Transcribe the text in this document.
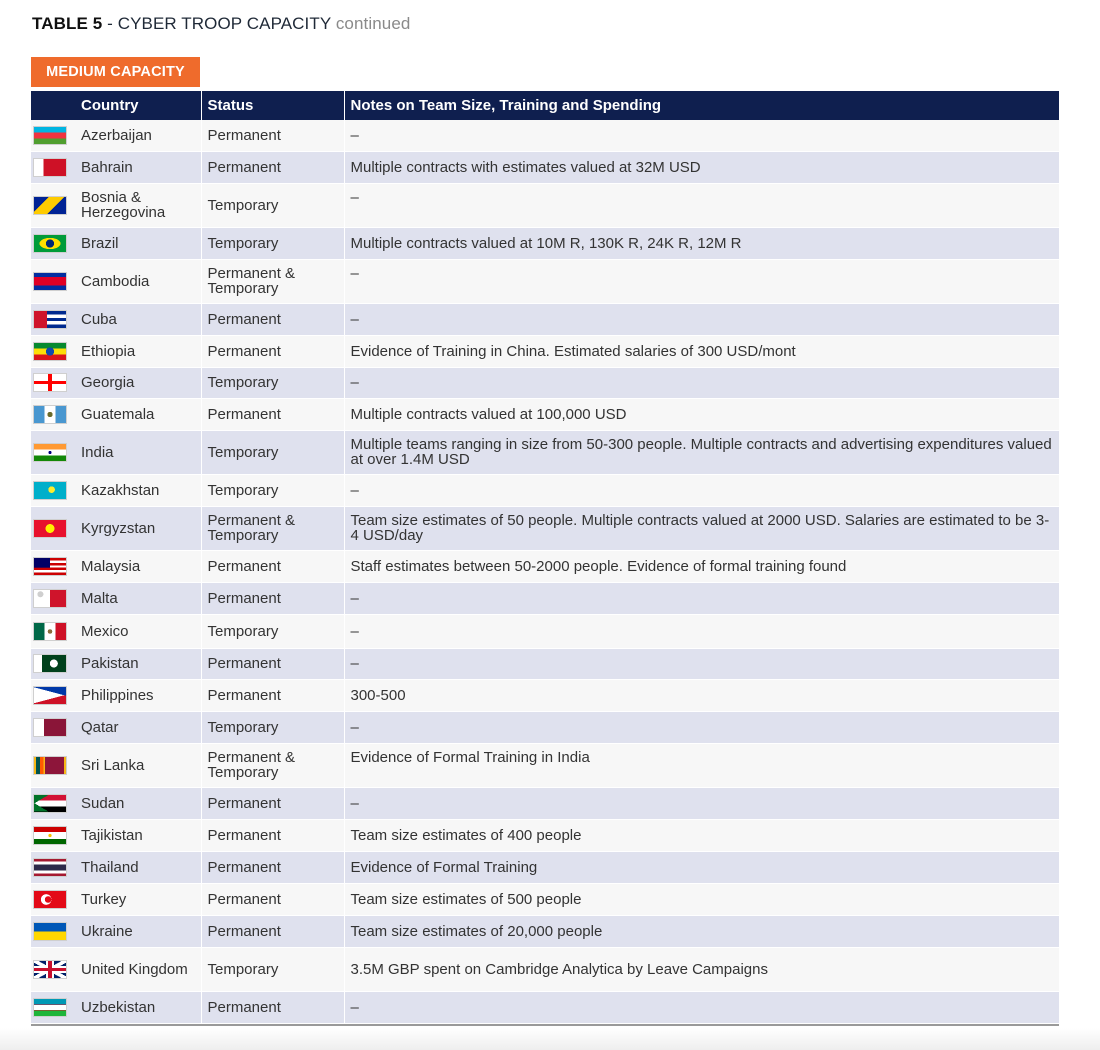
TABLE 5 - CYBER TROOP CAPACITY continued
MEDIUM CAPACITY
	Country	Status	Notes on Team Size, Training and Spending

	Azerbaijan	Permanent	–

	Bahrain	Permanent	Multiple contracts with estimates valued at 32M USD

	Bosnia & Herzegovina	Temporary	–

	Brazil	Temporary	Multiple contracts valued at 10M R, 130K R, 24K R, 12M R

	Cambodia	Permanent & Temporary	–

	Cuba	Permanent	–

	Ethiopia	Permanent	Evidence of Training in China. Estimated salaries of 300 USD/mont

	Georgia	Temporary	–

	Guatemala	Permanent	Multiple contracts valued at 100,000 USD

	India	Temporary	Multiple teams ranging in size from 50-300 people. Multiple contracts and advertising expenditures valued at over 1.4M USD

	Kazakhstan	Temporary	–

	Kyrgyzstan	Permanent & Temporary	Team size estimates of 50 people. Multiple contracts valued at 2000 USD. Salaries are estimated to be 3-4 USD/day

	Malaysia	Permanent	Staff estimates between 50-2000 people. Evidence of formal training found

	Malta	Permanent	–

	Mexico	Temporary	–

	Pakistan	Permanent	–

	Philippines	Permanent	300-500

	Qatar	Temporary	–

	Sri Lanka	Permanent & Temporary	Evidence of Formal Training in India

	Sudan	Permanent	–

	Tajikistan	Permanent	Team size estimates of 400 people

	Thailand	Permanent	Evidence of Formal Training

	Turkey	Permanent	Team size estimates of 500 people

	Ukraine	Permanent	Team size estimates of 20,000 people

	United Kingdom	Temporary	3.5M GBP spent on Cambridge Analytica by Leave Campaigns

	Uzbekistan	Permanent	–
